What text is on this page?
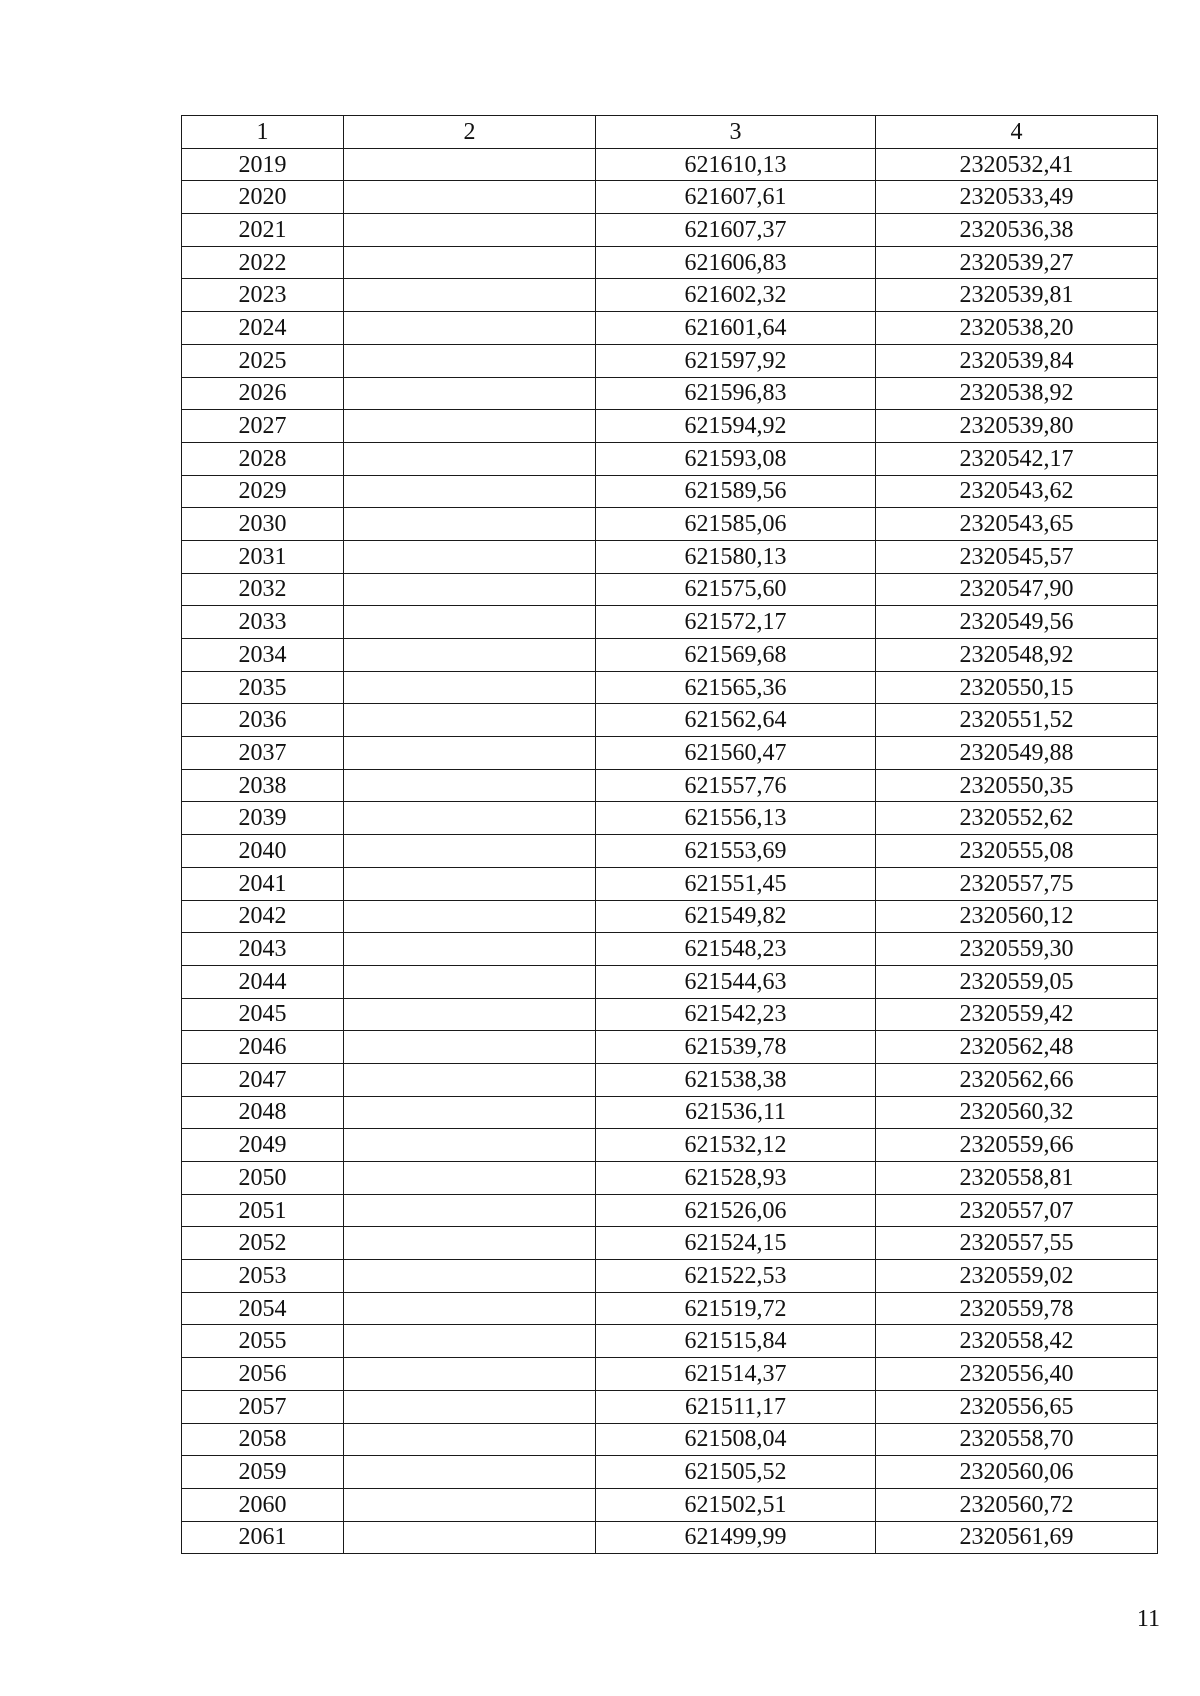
1	2	3	4
2019		621610,13	2320532,41
2020		621607,61	2320533,49
2021		621607,37	2320536,38
2022		621606,83	2320539,27
2023		621602,32	2320539,81
2024		621601,64	2320538,20
2025		621597,92	2320539,84
2026		621596,83	2320538,92
2027		621594,92	2320539,80
2028		621593,08	2320542,17
2029		621589,56	2320543,62
2030		621585,06	2320543,65
2031		621580,13	2320545,57
2032		621575,60	2320547,90
2033		621572,17	2320549,56
2034		621569,68	2320548,92
2035		621565,36	2320550,15
2036		621562,64	2320551,52
2037		621560,47	2320549,88
2038		621557,76	2320550,35
2039		621556,13	2320552,62
2040		621553,69	2320555,08
2041		621551,45	2320557,75
2042		621549,82	2320560,12
2043		621548,23	2320559,30
2044		621544,63	2320559,05
2045		621542,23	2320559,42
2046		621539,78	2320562,48
2047		621538,38	2320562,66
2048		621536,11	2320560,32
2049		621532,12	2320559,66
2050		621528,93	2320558,81
2051		621526,06	2320557,07
2052		621524,15	2320557,55
2053		621522,53	2320559,02
2054		621519,72	2320559,78
2055		621515,84	2320558,42
2056		621514,37	2320556,40
2057		621511,17	2320556,65
2058		621508,04	2320558,70
2059		621505,52	2320560,06
2060		621502,51	2320560,72
2061		621499,99	2320561,69
11
